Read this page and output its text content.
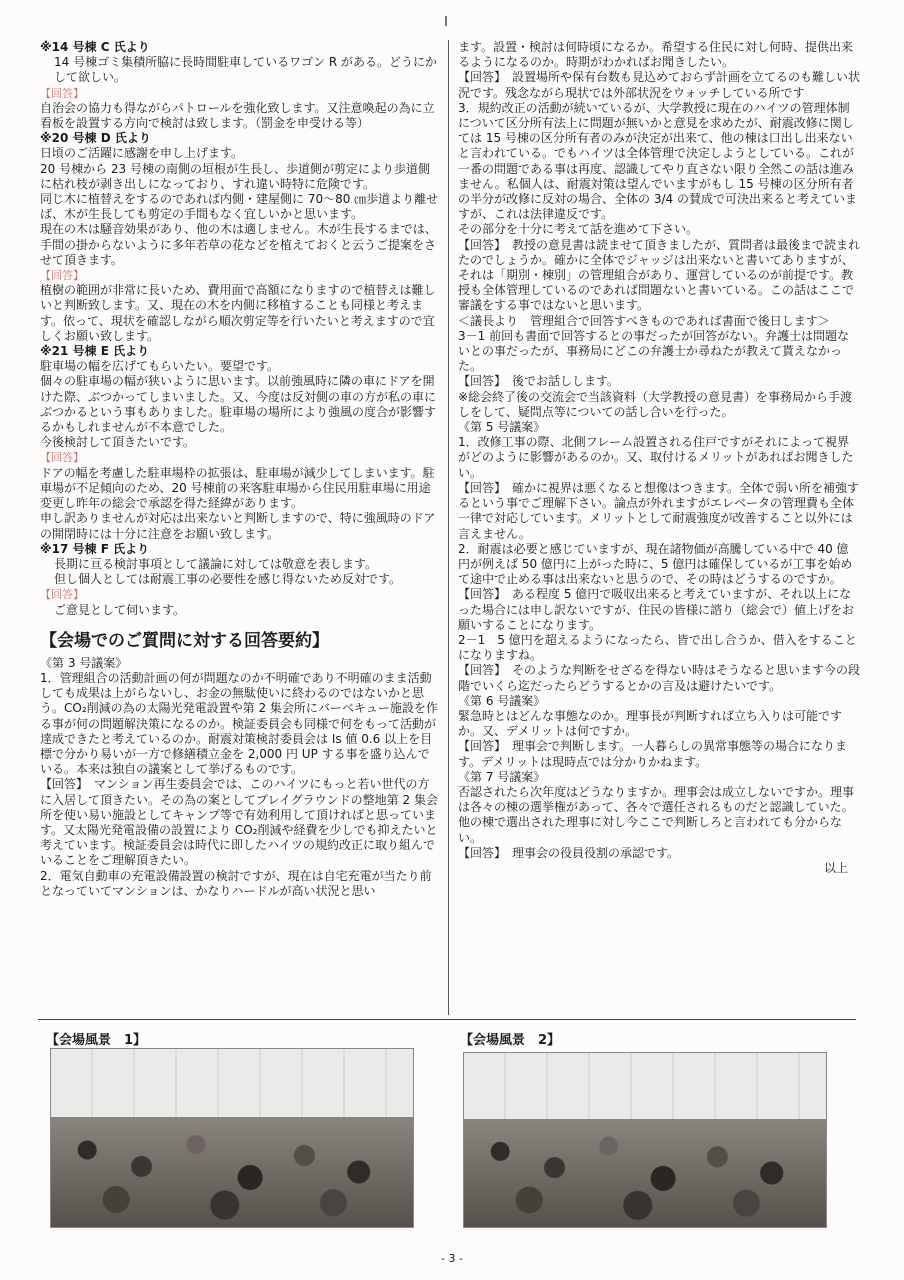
※14 号棟 C 氏より
14 号棟ゴミ集積所脇に長時間駐車しているワゴン R がある。どうにかして欲しい。
【回答】
自治会の協力も得ながらパトロールを強化致します。又注意喚起の為に立看板を設置する方向で検討は致します。（罰金を申受ける等）
※20 号棟 D 氏より
日頃のご活躍に感謝を申し上げます。
20 号棟から 23 号棟の南側の垣根が生長し、歩道側が剪定により歩道側に枯れ枝が剥き出しになっており、すれ違い時特に危険です。
同じ木に植替えをするのであれば内側・建屋側に 70～80 ㎝歩道より離せば、木が生長しても剪定の手間もなく宜しいかと思います。
現在の木は騒音効果があり、他の木は適しません。木が生長するまでは、手間の掛からないように多年若草の花などを植えておくと云うご提案をさせて頂きます。
【回答】
植樹の範囲が非常に長いため、費用面で高額になりますので植替えは難しいと判断致します。又、現在の木を内側に移植することも同様と考えます。依って、現状を確認しながら順次剪定等を行いたいと考えますので宜しくお願い致します。
※21 号棟 E 氏より
駐車場の幅を広げてもらいたい。要望です。
個々の駐車場の幅が狭いように思います。以前強風時に隣の車にドアを開けた際、ぶつかってしまいました。又、今度は反対側の車の方が私の車にぶつかるという事もありました。駐車場の場所により強風の度合が影響するかもしれませんが不本意でした。
今後検討して頂きたいです。
【回答】
ドアの幅を考慮した駐車場枠の拡張は、駐車場が減少してしまいます。駐車場が不足傾向のため、20 号棟前の来客駐車場から住民用駐車場に用途変更し昨年の総会で承認を得た経緯があります。
申し訳ありませんが対応は出来ないと判断しますので、特に強風時のドアの開閉時には十分に注意をお願い致します。
※17 号棟 F 氏より
長期に亘る検討事項として議論に対しては敬意を表します。
但し個人としては耐震工事の必要性を感じ得ないため反対です。
【回答】
ご意見として伺います。
【会場でのご質問に対する回答要約】
《第 3 号議案》
1．管理組合の活動計画の何が問題なのか不明確であり不明確のまま活動しても成果は上がらないし、お金の無駄使いに終わるのではないかと思う。CO₂削減の為の太陽光発電設置や第 2 集会所にバーベキュー施設を作る事が何の問題解決策になるのか。検証委員会も同様で何をもって活動が達成できたと考えているのか。耐震対策検討委員会は Is 値 0.6 以上を目標で分かり易いが一方で修繕積立金を 2,000 円 UP する事を盛り込んでいる。本来は独自の議案として挙げるものです。
【回答】　マンション再生委員会では、このハイツにもっと若い世代の方に入居して頂きたい。その為の案としてプレイグラウンドの整地第 2 集会所を使い易い施設としてキャンプ等で有効利用して頂ければと思っています。又太陽光発電設備の設置により CO₂削減や経費を少しでも抑えたいと考えています。検証委員会は時代に即したハイツの規約改正に取り組んでいることをご理解頂きたい。
2．電気自動車の充電設備設置の検討ですが、現在は自宅充電が当たり前となっていてマンションは、かなりハードルが高い状況と思い
ます。設置・検討は何時頃になるか。希望する住民に対し何時、提供出来るようになるのか。時期がわかればお聞きしたい。
【回答】　設置場所や保有台数も見込めておらず計画を立てるのも難しい状況です。残念ながら現状では外部状況をウォッチしている所です
3．規約改正の活動が続いているが、大学教授に現在のハイツの管理体制について区分所有法上に問題が無いかと意見を求めたが、耐震改修に関しては 15 号棟の区分所有者のみが決定が出来て、他の棟は口出し出来ないと言われている。でもハイツは全体管理で決定しようとしている。これが一番の問題である事は再度、認識してやり直さない限り全然この話は進みません。私個人は、耐震対策は望んでいますがもし 15 号棟の区分所有者の半分が改修に反対の場合、全体の 3/4 の賛成で可決出来ると考えていますが、これは法律違反です。
その部分を十分に考えて話を進めて下さい。
【回答】　教授の意見書は読ませて頂きましたが、質問者は最後まで読まれたのでしょうか。確かに全体でジャッジは出来ないと書いてありますが、それは「期別・棟別」の管理組合があり、運営しているのが前提です。教授も全体管理しているのであれば問題ないと書いている。この話はここで審議をする事ではないと思います。
＜議長より　管理組合で回答すべきものであれば書面で後日します＞
3－1 前回も書面で回答するとの事だったが回答がない。弁護士は問題ないとの事だったが、事務局にどこの弁護士か尋ねたが教えて貰えなかった。
【回答】　後でお話しします。
※総会終了後の交流会で当該資料（大学教授の意見書）を事務局から手渡しをして、疑問点等についての話し合いを行った。
《第 5 号議案》
1．改修工事の際、北側フレーム設置される住戸ですがそれによって視界がどのように影響があるのか。又、取付けるメリットがあればお聞きしたい。
【回答】　確かに視界は悪くなると想像はつきます。全体で弱い所を補強するという事でご理解下さい。論点が外れますがエレベータの管理費も全体一律で対応しています。メリットとして耐震強度が改善すること以外には言えません。
2．耐震は必要と感じていますが、現在諸物価が高騰している中で 40 億円が例えば 50 億円に上がった時に、5 億円は確保しているが工事を始めて途中で止める事は出来ないと思うので、その時はどうするのですか。
【回答】　ある程度 5 億円で吸収出来ると考えていますが、それ以上になった場合には申し訳ないですが、住民の皆様に諮り（総会で）値上げをお願いすることになります。
2－1　5 億円を超えるようになったら、皆で出し合うか、借入をすることになりますね。
【回答】　そのような判断をせざるを得ない時はそうなると思います今の段階でいくら迄だったらどうするとかの言及は避けたいです。
《第 6 号議案》
緊急時とはどんな事態なのか。理事長が判断すれば立ち入りは可能ですか。又、デメリットは何ですか。
【回答】　理事会で判断します。一人暮らしの異常事態等の場合になります。デメリットは現時点では分かりかねます。
《第 7 号議案》
否認されたら次年度はどうなりますか。理事会は成立しないですか。理事は各々の棟の選挙権があって、各々で選任されるものだと認識していた。他の棟で選出された理事に対し今ここで判断しろと言われても分からない。
【回答】　理事会の役員役割の承認です。
以上
【会場風景　1】	【会場風景　2】
- 3 -
